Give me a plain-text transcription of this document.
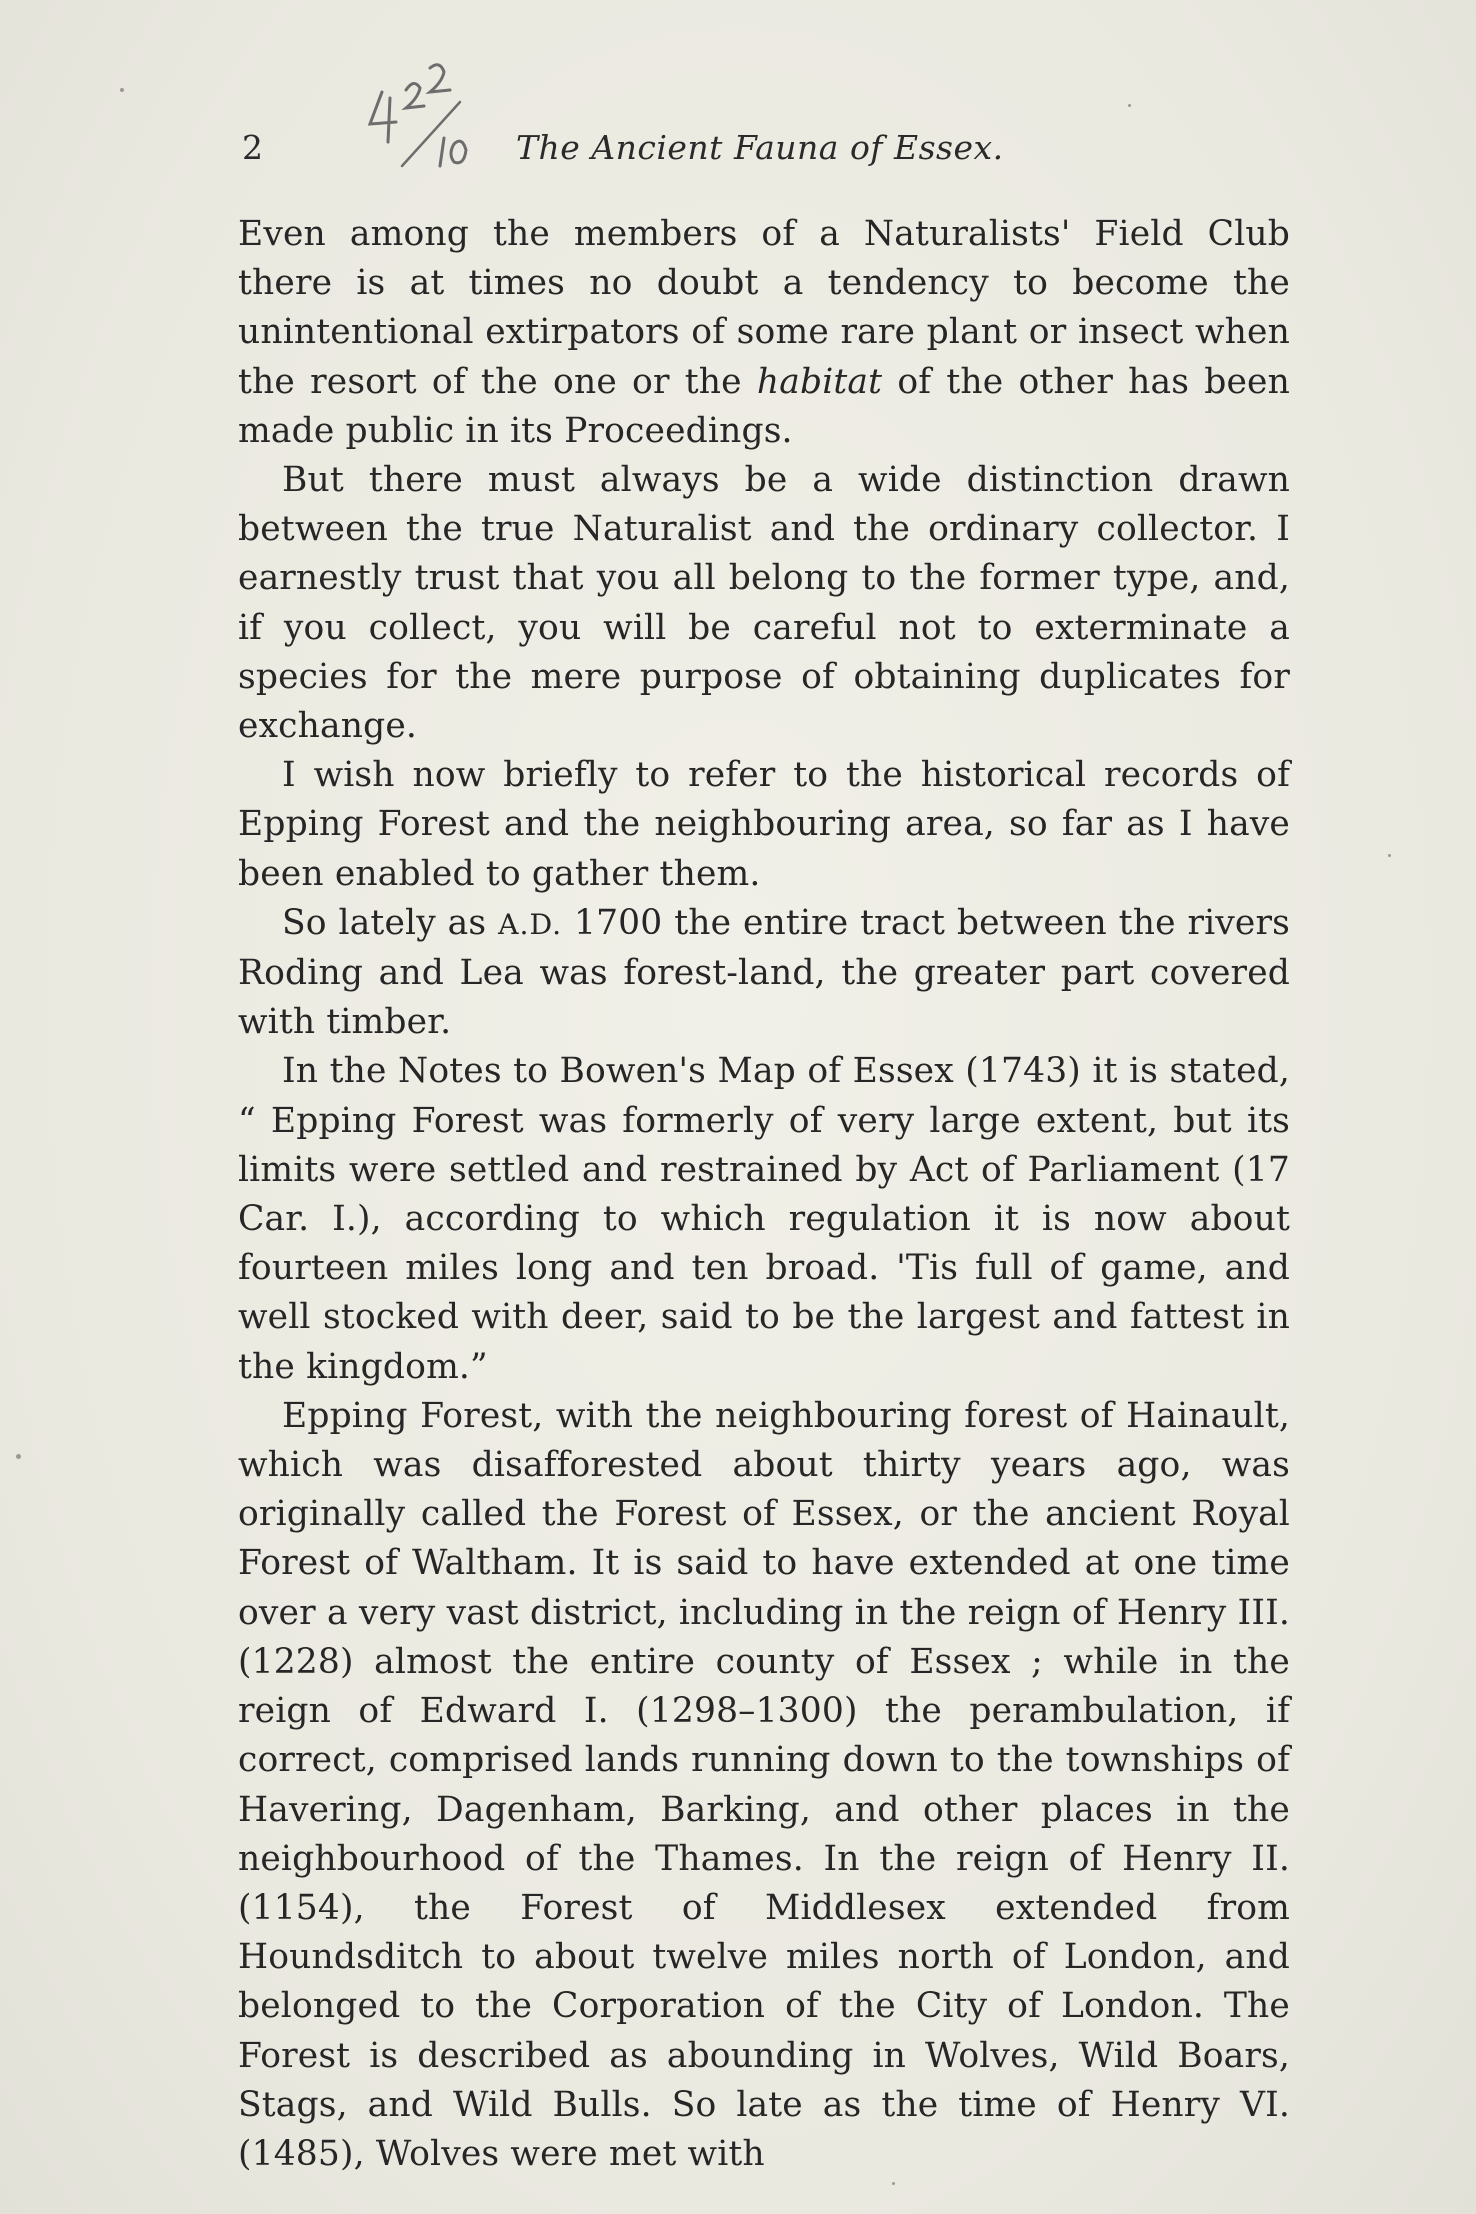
2	The Ancient Fauna of Essex.

Even among the members of a Naturalists' Field Club there is at times no doubt a tendency to become the unintentional extirpators of some rare plant or insect when the resort of the one or the habitat of the other has been made public in its Proceedings.

But there must always be a wide distinction drawn between the true Naturalist and the ordinary collector. I earnestly trust that you all belong to the former type, and, if you collect, you will be careful not to exterminate a species for the mere purpose of obtaining duplicates for exchange.

I wish now briefly to refer to the historical records of Epping Forest and the neighbouring area, so far as I have been enabled to gather them.

So lately as A.D. 1700 the entire tract between the rivers Roding and Lea was forest-land, the greater part covered with timber.

In the Notes to Bowen's Map of Essex (1743) it is stated, “ Epping Forest was formerly of very large extent, but its limits were settled and restrained by Act of Parliament (17 Car. I.), according to which regulation it is now about fourteen miles long and ten broad. 'Tis full of game, and well stocked with deer, said to be the largest and fattest in the kingdom.”

Epping Forest, with the neighbouring forest of Hainault, which was disafforested about thirty years ago, was originally called the Forest of Essex, or the ancient Royal Forest of Waltham. It is said to have extended at one time over a very vast district, including in the reign of Henry III. (1228) almost the entire county of Essex ; while in the reign of Edward I. (1298–1300) the perambulation, if correct, comprised lands running down to the townships of Havering, Dagenham, Barking, and other places in the neighbourhood of the Thames. In the reign of Henry II. (1154), the Forest of Middlesex extended from Houndsditch to about twelve miles north of London, and belonged to the Corporation of the City of London. The Forest is described as abounding in Wolves, Wild Boars, Stags, and Wild Bulls. So late as the time of Henry VI. (1485), Wolves were met with
